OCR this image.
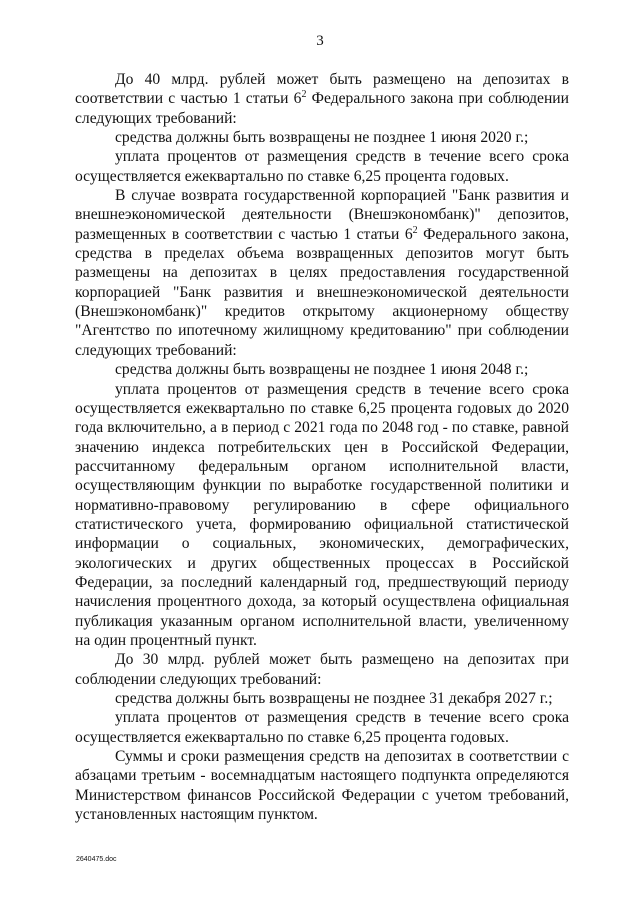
3

До 40 млрд. рублей может быть размещено на депозитах в соответствии с частью 1 статьи $6^2$ Федерального закона при соблюдении следующих требований:

средства должны быть возвращены не позднее 1 июня 2020 г.;

уплата процентов от размещения средств в течение всего срока осуществляется ежеквартально по ставке 6,25 процента годовых.

В случае возврата государственной корпорацией "Банк развития и внешнеэкономической деятельности (Внешэкономбанк)" депозитов, размещенных в соответствии с частью 1 статьи $6^2$ Федерального закона, средства в пределах объема возвращенных депозитов могут быть размещены на депозитах в целях предоставления государственной корпорацией "Банк развития и внешнеэкономической деятельности (Внешэкономбанк)" кредитов открытому акционерному обществу "Агентство по ипотечному жилищному кредитованию" при соблюдении следующих требований:

средства должны быть возвращены не позднее 1 июня 2048 г.;

уплата процентов от размещения средств в течение всего срока осуществляется ежеквартально по ставке 6,25 процента годовых до 2020 года включительно, а в период с 2021 года по 2048 год - по ставке, равной значению индекса потребительских цен в Российской Федерации, рассчитанному федеральным органом исполнительной власти, осуществляющим функции по выработке государственной политики и нормативно-правовому регулированию в сфере официального статистического учета, формированию официальной статистической информации о социальных, экономических, демографических, экологических и других общественных процессах в Российской Федерации, за последний календарный год, предшествующий периоду начисления процентного дохода, за который осуществлена официальная публикация указанным органом исполнительной власти, увеличенному на один процентный пункт.

До 30 млрд. рублей может быть размещено на депозитах при соблюдении следующих требований:

средства должны быть возвращены не позднее 31 декабря 2027 г.;

уплата процентов от размещения средств в течение всего срока осуществляется ежеквартально по ставке 6,25 процента годовых.

Суммы и сроки размещения средств на депозитах в соответствии с абзацами третьим - восемнадцатым настоящего подпункта определяются Министерством финансов Российской Федерации с учетом требований, установленных настоящим пунктом.

2640475.doc
